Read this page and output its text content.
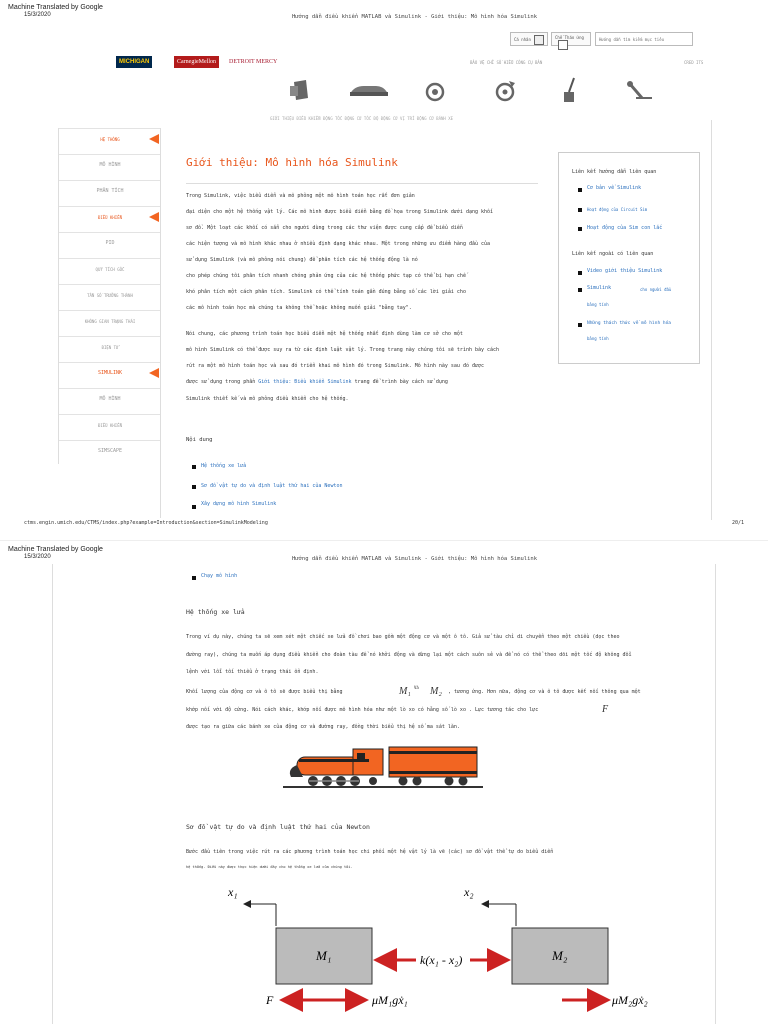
Machine Translated by Google
15/3/2020	Hướng dẫn điều khiển MATLAB và Simulink - Giới thiệu: Mô hình hóa Simulink
Cá nhân	Chế Tháo ứng
Hướng dẫn tìm kiếm mục tiêu
MICHIGAN	CarnegieMellon	DETROIT MERCY	BẢO VỆ CHỈ SỐ HIỂU CÔNG CỤ BẢN	CRED ITS
GIỚI THIỆU ĐIỀU KHIỂN ĐỘNG TỐC ĐỘNG CƠ TỐC ĐỘ ĐỘNG CƠ VỊ TRÍ ĐỘNG CƠ BÁNH XE
HỆ THỐNG
MÔ HÌNH
PHÂN TÍCH
ĐIỀU KHIỂN
PID
QUỸ TÍCH GỐC
TẦN SỐ TRƯỞNG THÀNH
KHÔNG GIAN TRẠNG THÁI
ĐIỆN TỬ
SIMULINK
MÔ HÌNH
ĐIỀU KHIỂN
SIMSCAPE
Giới thiệu: Mô hình hóa Simulink
Trong Simulink, việc biểu diễn và mô phỏng một mô hình toán học rất đơn giản
đại diện cho một hệ thống vật lý. Các mô hình được biểu diễn bằng đồ họa trong Simulink dưới dạng khối
sơ đồ. Một loạt các khối có sẵn cho người dùng trong các thư viện được cung cấp để biểu diễn
các hiện tượng và mô hình khác nhau ở nhiều định dạng khác nhau. Một trong những ưu điểm hàng đầu của
sử dụng Simulink (và mô phỏng nói chung) để phân tích các hệ thống động là nó
cho phép chúng tôi phân tích nhanh chóng phản ứng của các hệ thống phức tạp có thể bị hạn chế
khó phân tích một cách phân tích. Simulink có thể tính toán gần đúng bằng số các lời giải cho
các mô hình toán học mà chúng ta không thể hoặc không muốn giải "bằng tay".
Nói chung, các phương trình toán học biểu diễn một hệ thống nhất định dùng làm cơ sở cho một
mô hình Simulink có thể được suy ra từ các định luật vật lý. Trong trang này chúng tôi sẽ trình bày cách
rút ra một mô hình toán học và sau đó triển khai mô hình đó trong Simulink. Mô hình này sau đó được
được sử dụng trong phần Giới thiệu: Điều khiển Simulink trang để trình bày cách sử dụng
Simulink thiết kế và mô phỏng điều khiển cho hệ thống.
Nội dung
Hệ thống xe lửa
Sơ đồ vật tự do và định luật thứ hai của Newton
Xây dựng mô hình Simulink
Liên kết hướng dẫn liên quan
Cơ bản về Simulink
Hoạt động của Circuit Sim
Hoạt động của Sim con lắc
Liên kết ngoài có liên quan
Video giới thiệu Simulink
Simulink	cho người đầu
bảng tính
Những thách thức về mô hình hóa
bảng tính
ctms.engin.umich.edu/CTMS/index.php?example=Introduction&section=SimulinkModeling	20/1
Machine Translated by Google
15/3/2020	Hướng dẫn điều khiển MATLAB và Simulink - Giới thiệu: Mô hình hóa Simulink
Chạy mô hình
Hệ thống xe lửa
Trong ví dụ này, chúng ta sẽ xem xét một chiếc xe lửa đồ chơi bao gồm một động cơ và một ô tô. Giả sử tàu chỉ di chuyển theo một chiều (dọc theo
đường ray), chúng ta muốn áp dụng điều khiển cho đoàn tàu để nó khởi động và dừng lại một cách suôn sẻ và để nó có thể theo dõi một tốc độ không đổi
lệnh với lỗi tối thiểu ở trạng thái ổn định.
Khối lượng của động cơ và ô tô sẽ được biểu thị bằng	M₁ Và M₂ , tương ứng. Hơn nữa, động cơ và ô tô được kết nối thông qua một
khớp nối với độ cứng. Nói cách khác, khớp nối được mô hình hóa như một lò xo có hằng số lò xo . Lực tương tác cho lực	F
được tạo ra giữa các bánh xe của động cơ và đường ray, đồng thời biểu thị hệ số ma sát lăn.
Sơ đồ vật tự do và định luật thứ hai của Newton
Bước đầu tiên trong việc rút ra các phương trình toán học chi phối một hệ vật lý là vẽ (các) sơ đồ vật thể tự do biểu diễn
hệ thống. Điều này được thực hiện dưới đây cho hệ thống xe lửa của chúng tôi.
x₁	x₂
M₁	M₂
k(x₁ - x₂)
F	μM₁gẋ₁	μM₂gẋ₂
